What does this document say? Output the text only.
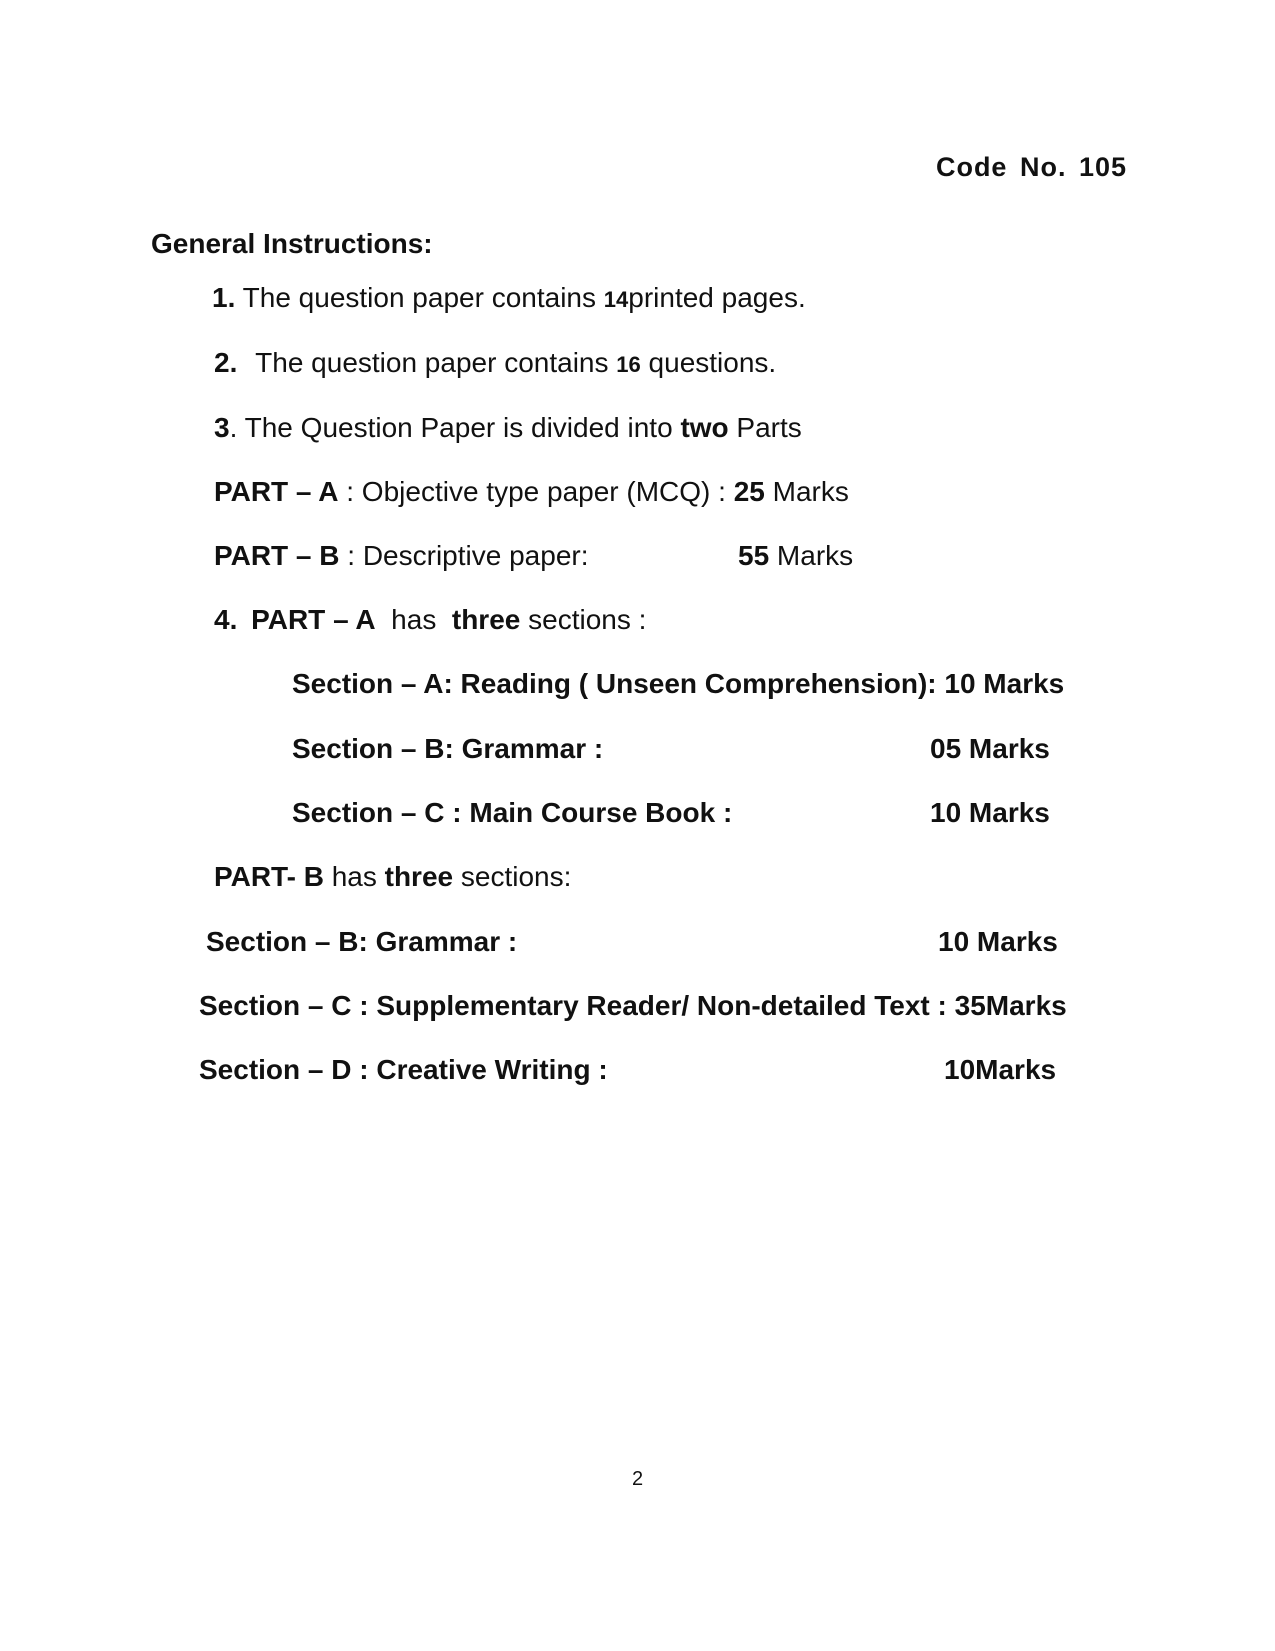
Code No. 105
General Instructions:
1. The question paper contains 14printed pages.
2. The question paper contains 16 questions.
3. The Question Paper is divided into two Parts
PART – A : Objective type paper (MCQ) : 25 Marks
PART – B : Descriptive paper:	55 Marks
4. PART – A  has  three sections :
Section – A: Reading ( Unseen Comprehension): 10 Marks
Section – B: Grammar :	05 Marks
Section – C : Main Course Book :	10 Marks
PART- B has three sections:
Section – B: Grammar :	10 Marks
Section – C : Supplementary Reader/ Non-detailed Text : 35Marks
Section – D : Creative Writing :	10Marks
2
